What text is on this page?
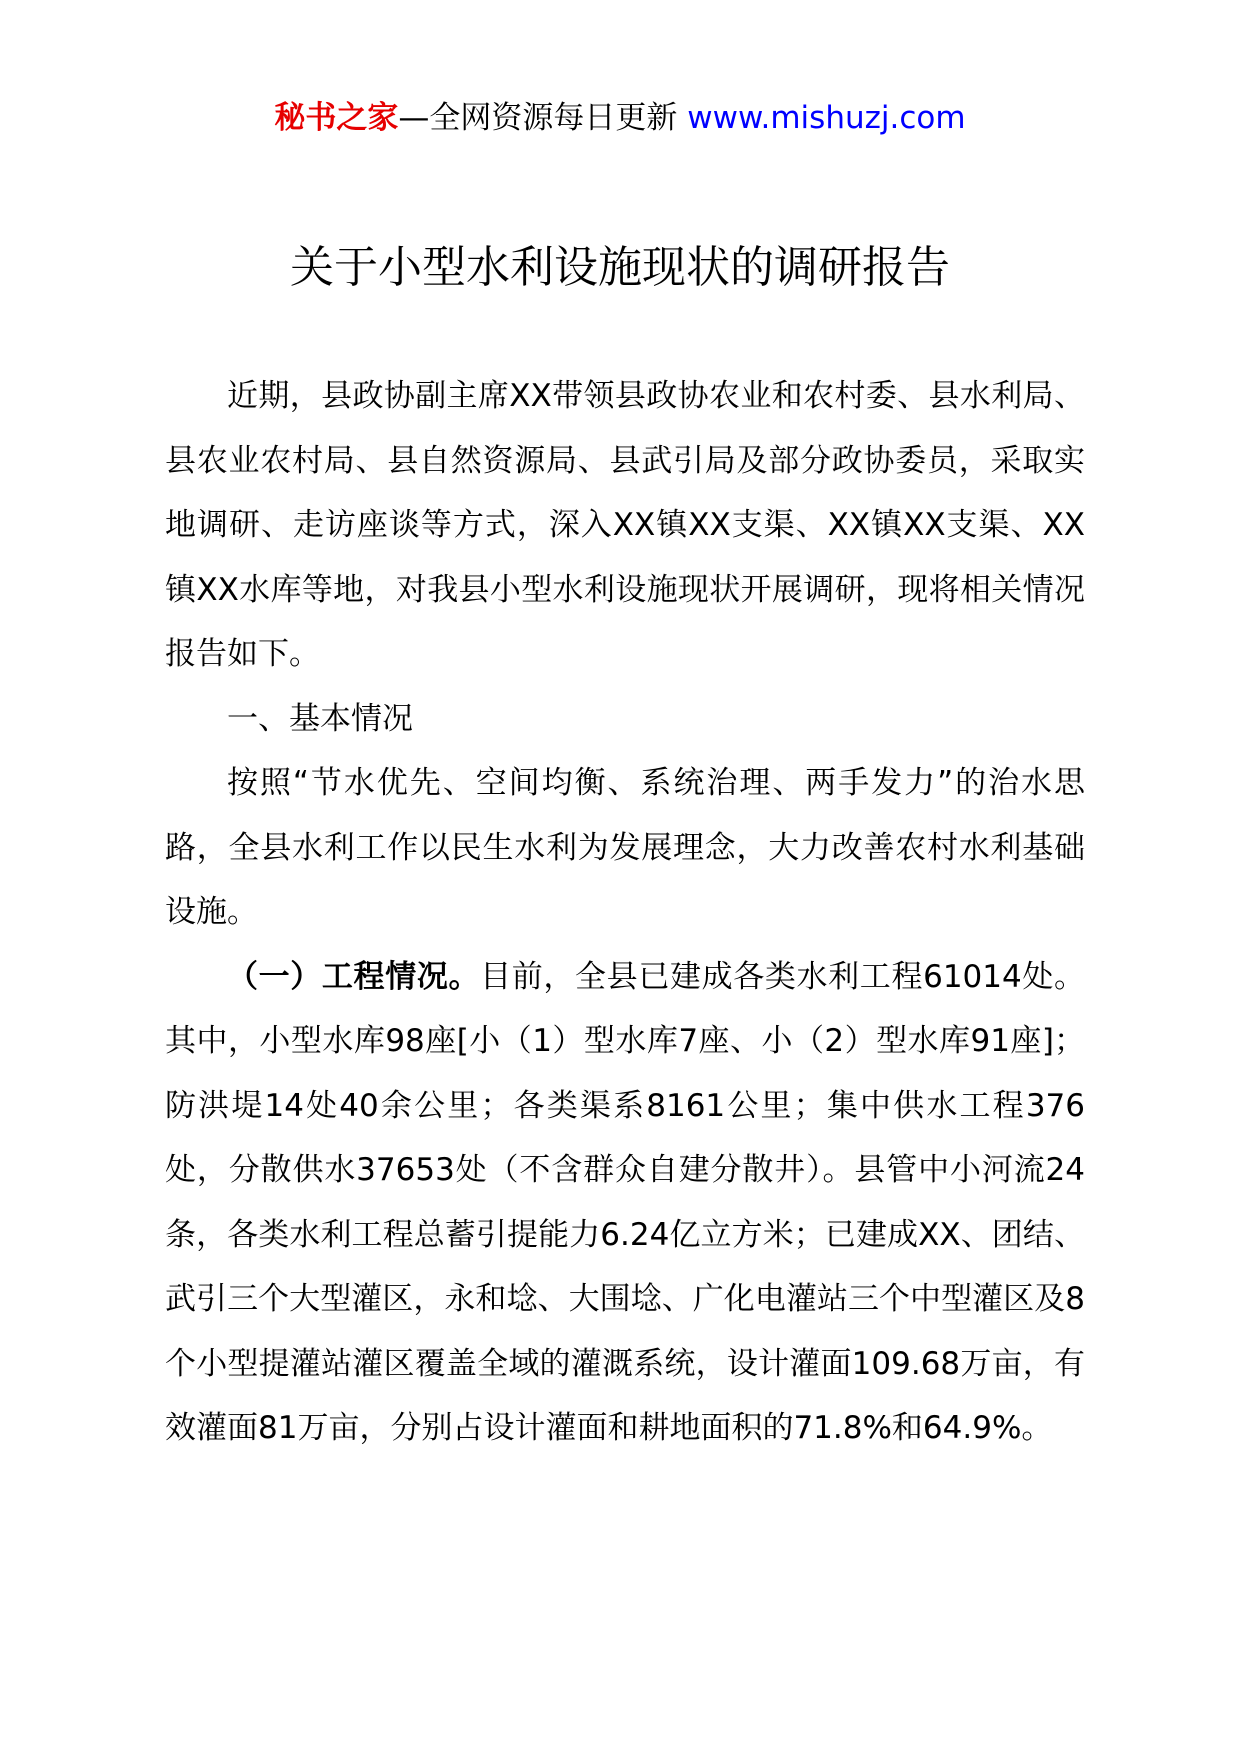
秘书之家—全网资源每日更新 www.mishuzj.com
关于小型水利设施现状的调研报告

近期，县政协副主席XX带领县政协农业和农村委、县水利局、县农业农村局、县自然资源局、县武引局及部分政协委员，采取实地调研、走访座谈等方式，深入XX镇XX支渠、XX镇XX支渠、XX镇XX水库等地，对我县小型水利设施现状开展调研，现将相关情况报告如下。

一、基本情况

按照“节水优先、空间均衡、系统治理、两手发力”的治水思路，全县水利工作以民生水利为发展理念，大力改善农村水利基础设施。

（一）工程情况。目前，全县已建成各类水利工程61014处。其中，小型水库98座[小（1）型水库7座、小（2）型水库91座]；防洪堤14处40余公里；各类渠系8161公里；集中供水工程376处，分散供水37653处（不含群众自建分散井）。县管中小河流24条，各类水利工程总蓄引提能力6.24亿立方米；已建成XX、团结、武引三个大型灌区，永和埝、大围埝、广化电灌站三个中型灌区及8个小型提灌站灌区覆盖全域的灌溉系统，设计灌面109.68万亩，有效灌面81万亩，分别占设计灌面和耕地面积的71.8%和64.9%。
